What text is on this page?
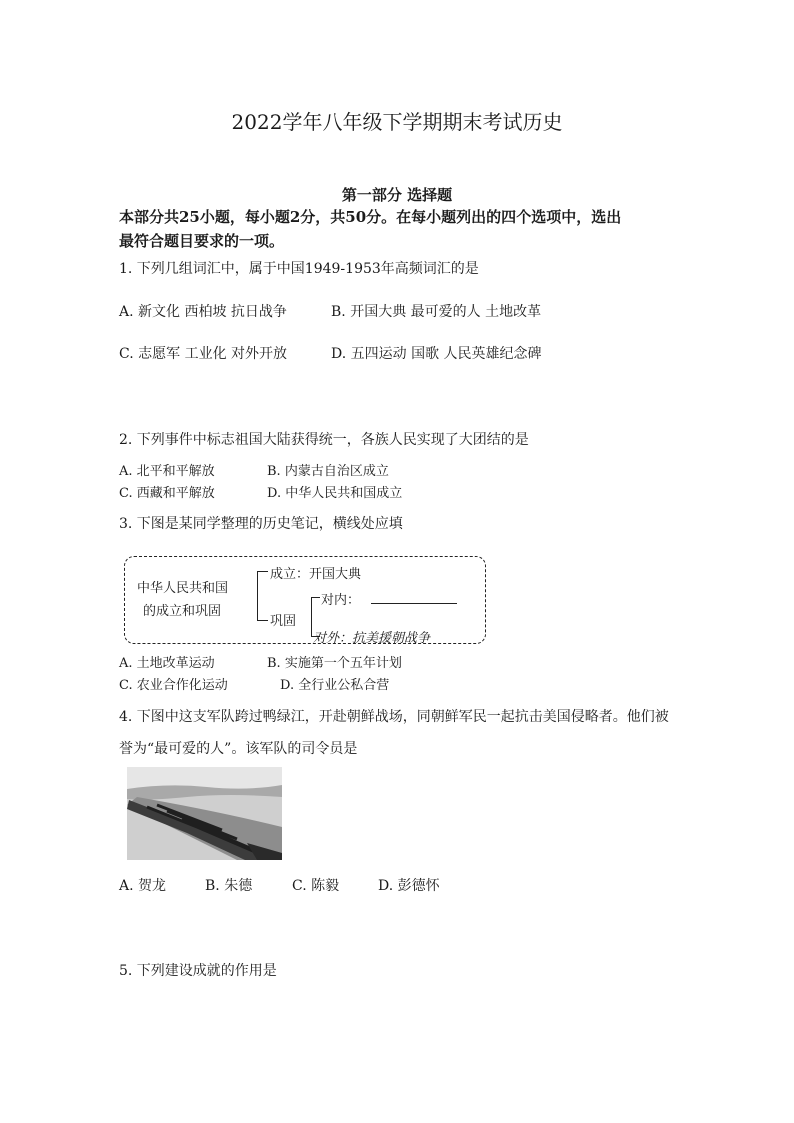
2022学年八年级下学期期末考试历史
第一部分 选择题
本部分共25小题，每小题2分，共50分。在每小题列出的四个选项中，选出
最符合题目要求的一项。
1. 下列几组词汇中，属于中国1949-1953年高频词汇的是
A. 新文化 西柏坡 抗日战争	B. 开国大典 最可爱的人 土地改革
C. 志愿军 工业化 对外开放	D. 五四运动 国歌 人民英雄纪念碑
2. 下列事件中标志祖国大陆获得统一，各族人民实现了大团结的是
A. 北平和平解放	B. 内蒙古自治区成立
C. 西藏和平解放	D. 中华人民共和国成立
3. 下图是某同学整理的历史笔记，横线处应填
中华人民共和国
的成立和巩固
成立：开国大典
巩固
对内：
对外：抗美援朝战争
A. 土地改革运动	B. 实施第一个五年计划
C. 农业合作化运动	D. 全行业公私合营
4. 下图中这支军队跨过鸭绿江，开赴朝鲜战场，同朝鲜军民一起抗击美国侵略者。他们被
誉为“最可爱的人”。该军队的司令员是
A. 贺龙	B. 朱德	C. 陈毅	D. 彭德怀
5. 下列建设成就的作用是
